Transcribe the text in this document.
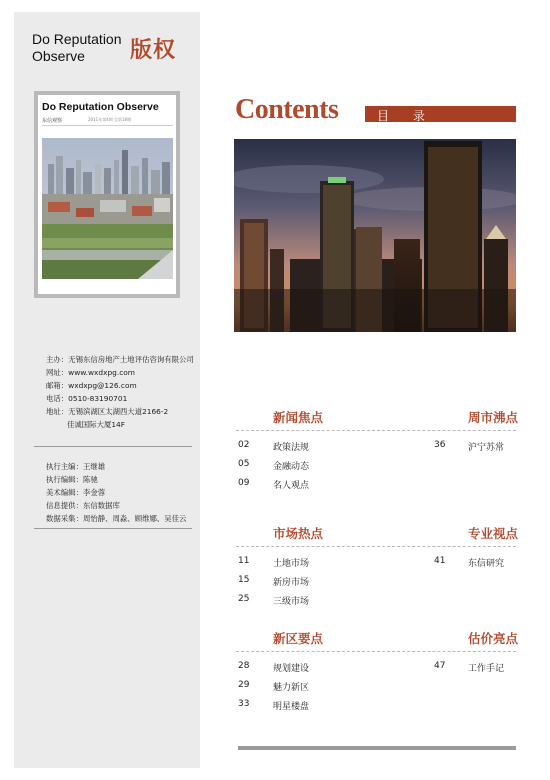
Do Reputation
Observe	版权
Do Reputation Observe
东信观察	2011年第4期 总第18期
主办：无锡东信房地产土地评估咨询有限公司
网址：www.wxdxpg.com
邮箱：wxdxpg@126.com
电话：0510-83190701
地址：无锡滨湖区太湖西大道2166-2
佳诚国际大厦14F
执行主编：王继雄
执行编辑：陈驰
美术编辑：李金蓉
信息提供：东信数据库
数据采集：周怡静、周淼、顾维娜、吴佳云
Contents	目 录
新闻焦点	周市沸点
02	政策法规
05	金融动态
09	名人观点
36	沪宁苏常
市场热点	专业视点
11	土地市场
15	新房市场
25	三级市场
41	东信研究
新区要点	估价亮点
28	规划建设
29	魅力新区
33	明星楼盘
47	工作手记
